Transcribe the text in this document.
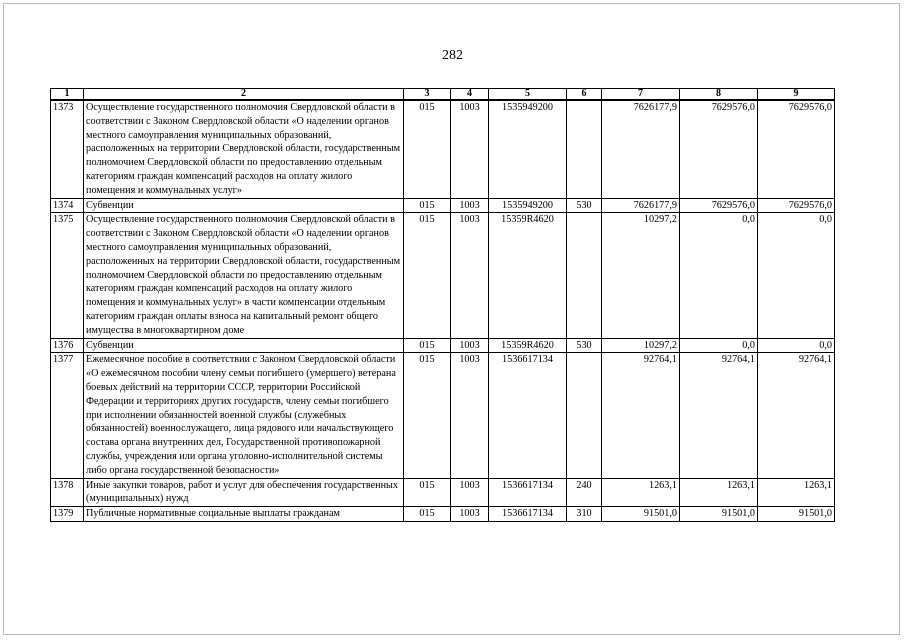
282
1	2	3	4	5	6	7	8	9
1373	Осуществление государственного полномочия Свердловской области в соответствии с Законом Свердловской области «О наделении органов местного самоуправления муниципальных образований, расположенных на территории Свердловской области, государственным полномочием Свердловской области по предоставлению отдельным категориям граждан компенсаций расходов на оплату жилого помещения и коммунальных услуг»	015	1003	1535949200		7626177,9	7629576,0	7629576,0
1374	Субвенции	015	1003	1535949200	530	7626177,9	7629576,0	7629576,0
1375	Осуществление государственного полномочия Свердловской области в соответствии с Законом Свердловской области «О наделении органов местного самоуправления муниципальных образований, расположенных на территории Свердловской области, государственным полномочием Свердловской области по предоставлению отдельным категориям граждан компенсаций расходов на оплату жилого помещения и коммунальных услуг» в части компенсации отдельным категориям граждан оплаты взноса на капитальный ремонт общего имущества в многоквартирном доме	015	1003	15359R4620		10297,2	0,0	0,0
1376	Субвенции	015	1003	15359R4620	530	10297,2	0,0	0,0
1377	Ежемесячное пособие в соответствии с Законом Свердловской области «О ежемесячном пособии члену семьи погибшего (умершего) ветерана боевых действий на территории СССР, территории Российской Федерации и территориях других государств, члену семьи погибшего при исполнении обязанностей военной службы (служебных обязанностей) военнослужащего, лица рядового или начальствующего состава органа внутренних дел, Государственной противопожарной службы, учреждения или органа уголовно-исполнительной системы либо органа государственной безопасности»	015	1003	1536617134		92764,1	92764,1	92764,1
1378	Иные закупки товаров, работ и услуг для обеспечения государственных (муниципальных) нужд	015	1003	1536617134	240	1263,1	1263,1	1263,1
1379	Публичные нормативные социальные выплаты гражданам	015	1003	1536617134	310	91501,0	91501,0	91501,0
